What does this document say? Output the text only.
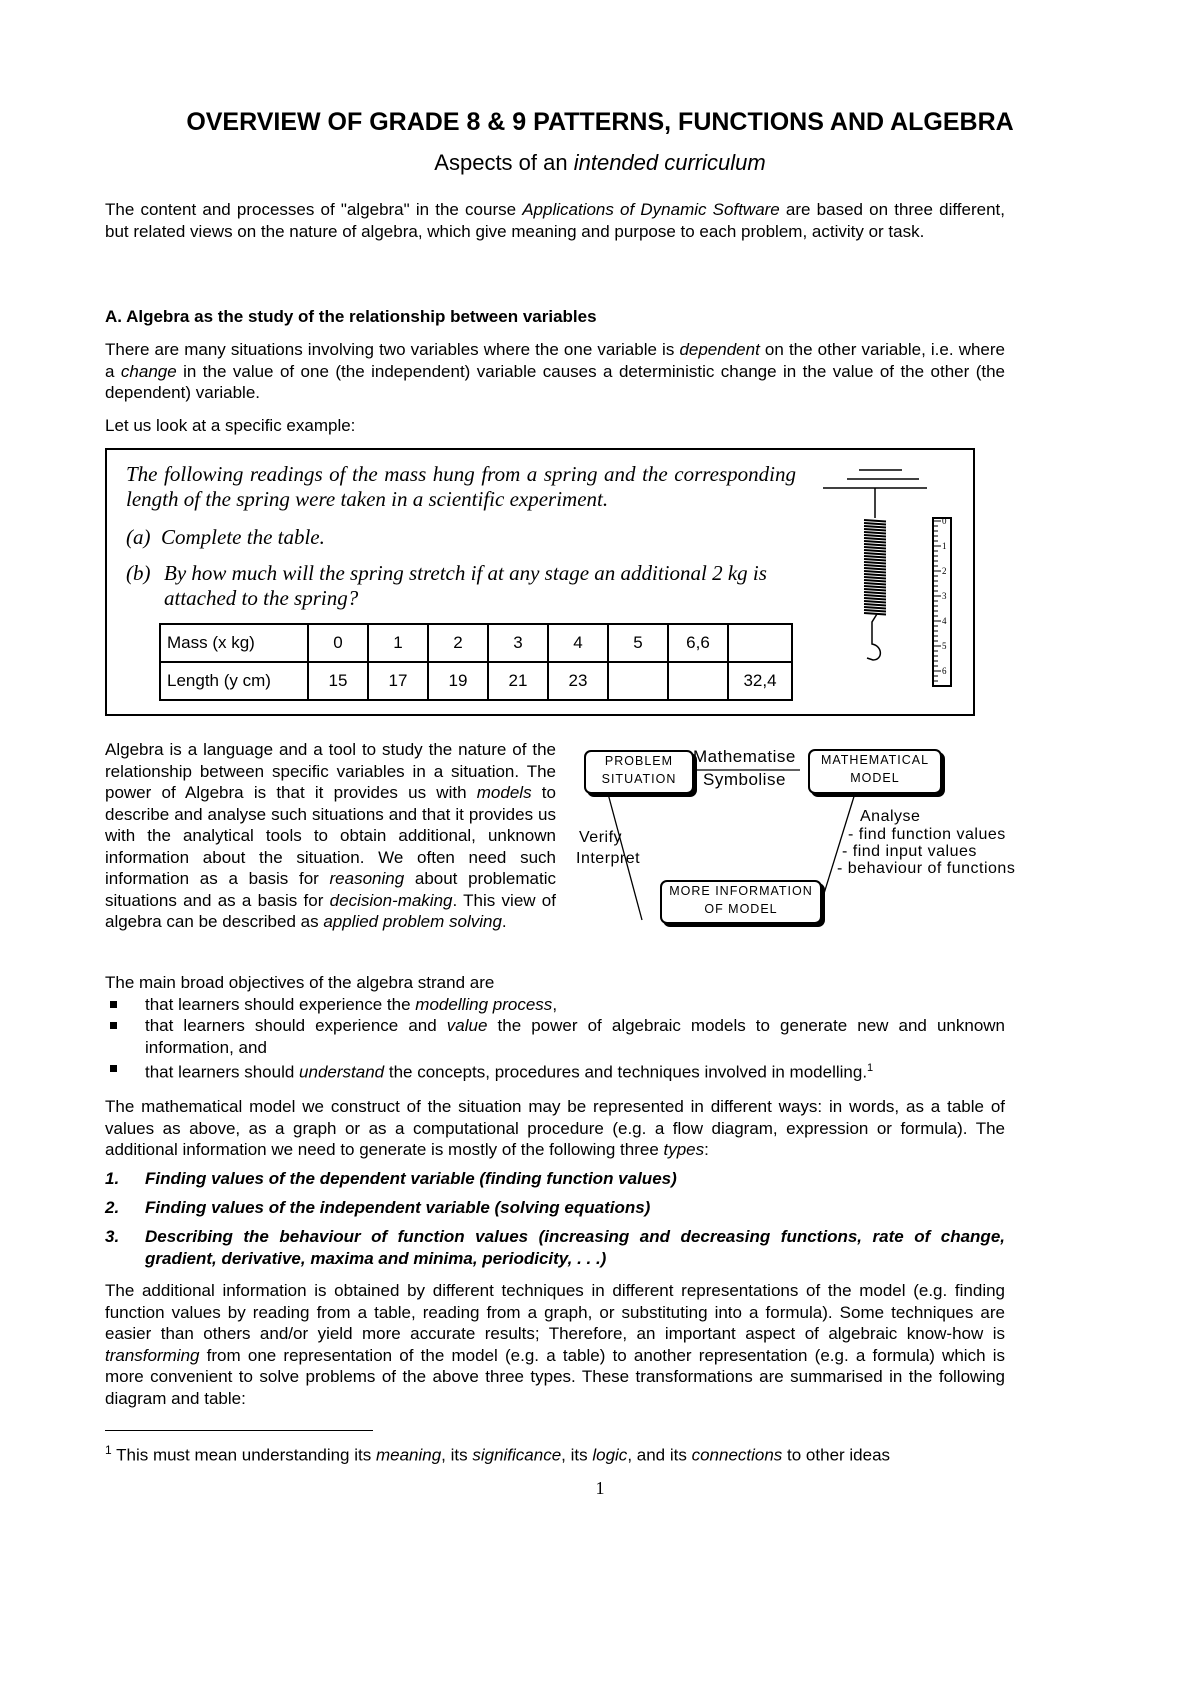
OVERVIEW OF GRADE 8 & 9 PATTERNS, FUNCTIONS AND ALGEBRA
Aspects of an intended curriculum

The content and processes of "algebra" in the course Applications of Dynamic Software are based on three different, but related views on the nature of algebra, which give meaning and purpose to each problem, activity or task.

A. Algebra as the study of the relationship between variables

There are many situations involving two variables where the one variable is dependent on the other variable, i.e. where a change in the value of one (the independent) variable causes a deterministic change in the value of the other (the dependent) variable.

Let us look at a specific example:

The following readings of the mass hung from a spring and the corresponding length of the spring were taken in a scientific experiment.
(a) Complete the table.
(b) By how much will the spring stretch if at any stage an additional 2 kg is attached to the spring?
Mass (x kg)	0	1	2	3	4	5	6,6	
Length (y cm)	15	17	19	21	23			32,4
0
1
2
3
4
5
6

Algebra is a language and a tool to study the nature of the relationship between specific variables in a situation. The power of Algebra is that it provides us with models to describe and analyse such situations and that it provides us with the analytical tools to obtain additional, unknown information about the situation. We often need such information as a basis for reasoning about problematic situations and as a basis for decision-making. This view of algebra can be described as applied problem solving.

PROBLEM
SITUATION
MATHEMATICAL
MODEL
MORE INFORMATION
OF MODEL
Mathematise
Symbolise
Verify
Interpret
Analyse
- find function values
- find input values
- behaviour of functions

The main broad objectives of the algebra strand are

that learners should experience the modelling process,
that learners should experience and value the power of algebraic models to generate new and unknown information, and
that learners should understand the concepts, procedures and techniques involved in modelling.$^1$

The mathematical model we construct of the situation may be represented in different ways: in words, as a table of values as above, as a graph or as a computational procedure (e.g. a flow diagram, expression or formula). The additional information we need to generate is mostly of the following three types:

1. Finding values of the dependent variable (finding function values)
2. Finding values of the independent variable (solving equations)
3. Describing the behaviour of function values (increasing and decreasing functions, rate of change, gradient, derivative, maxima and minima, periodicity, . . .)

The additional information is obtained by different techniques in different representations of the model (e.g. finding function values by reading from a table, reading from a graph, or substituting into a formula). Some techniques are easier than others and/or yield more accurate results; Therefore, an important aspect of algebraic know-how is transforming from one representation of the model (e.g. a table) to another representation (e.g. a formula) which is more convenient to solve problems of the above three types. These transformations are summarised in the following diagram and table:

$^1$ This must mean understanding its meaning, its significance, its logic, and its connections to other ideas

1
